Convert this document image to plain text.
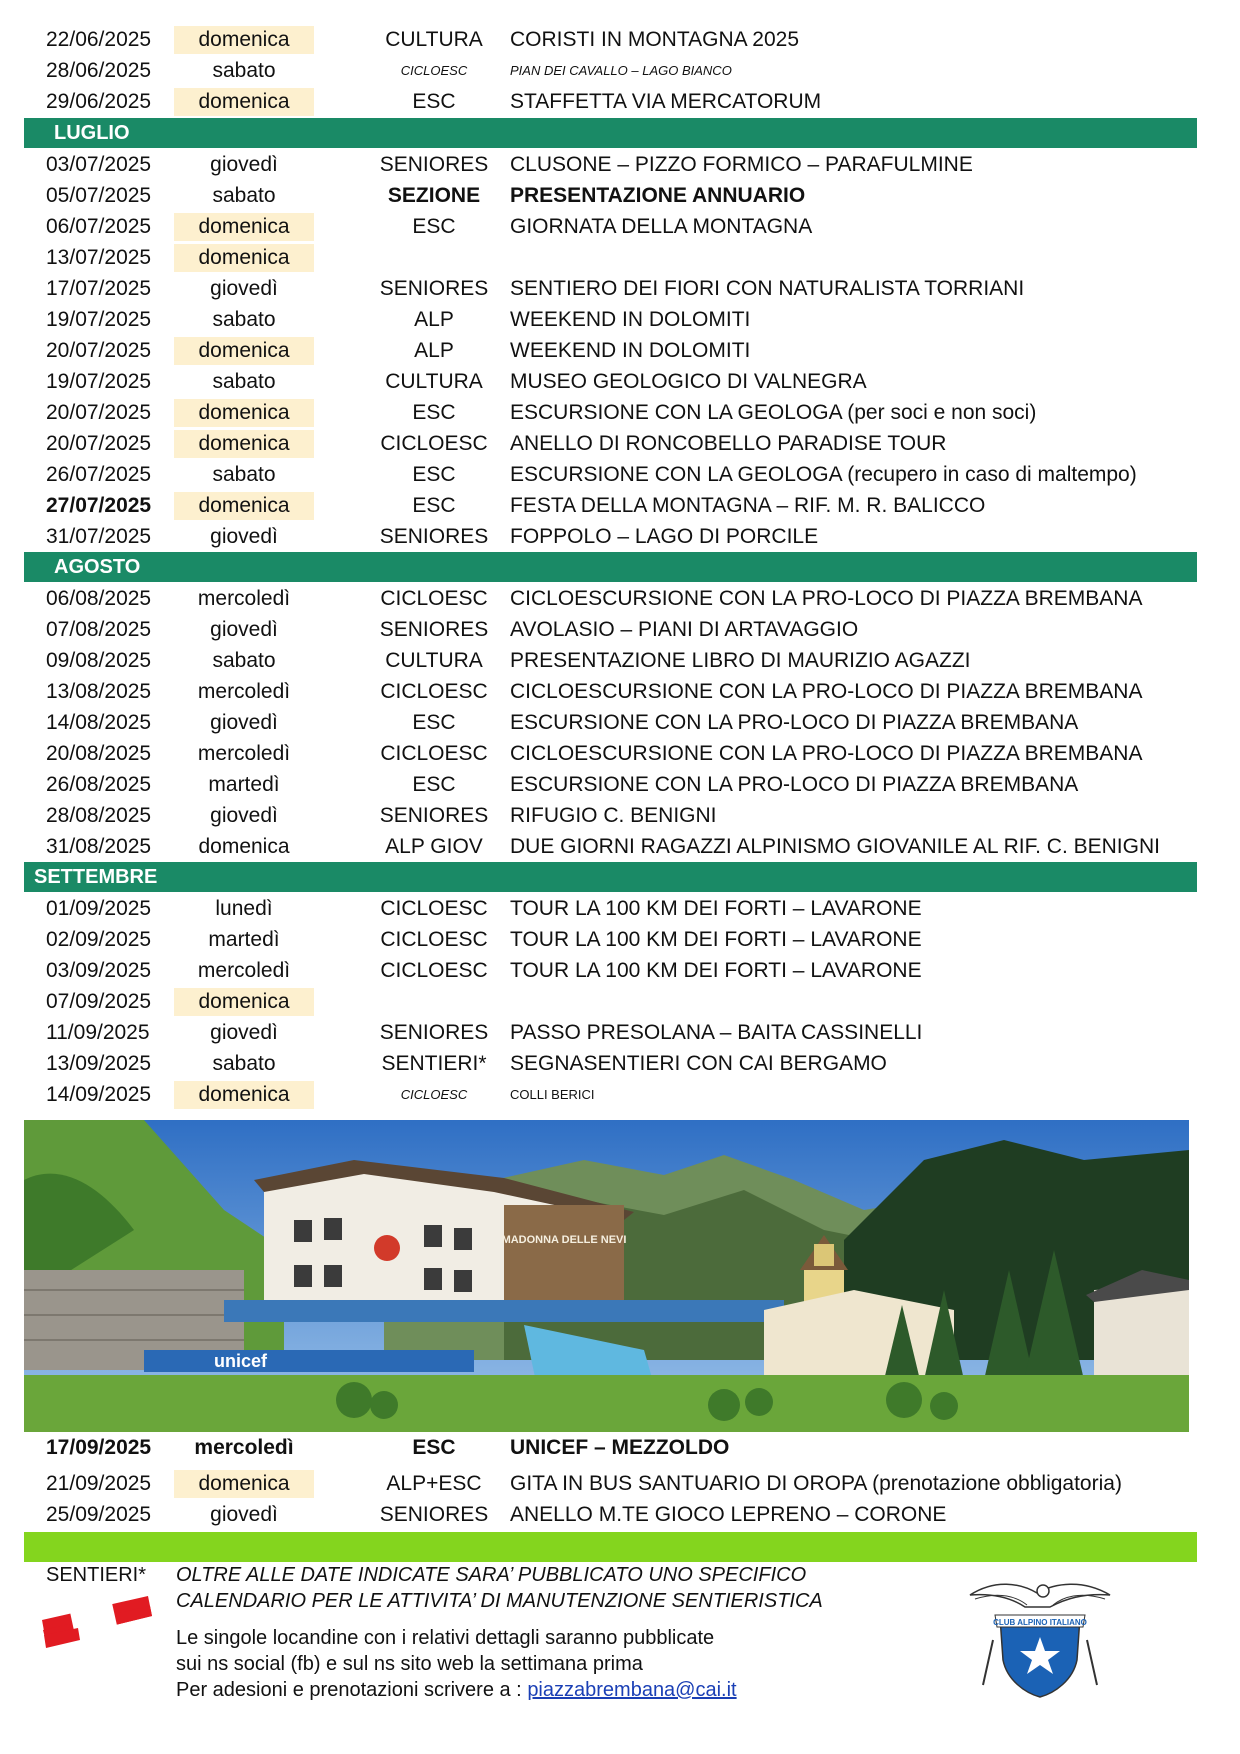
22/06/2025	domenica	CULTURA	CORISTI IN MONTAGNA 2025
28/06/2025	sabato	CICLOESC	PIAN DEI CAVALLO – LAGO BIANCO
29/06/2025	domenica	ESC	STAFFETTA VIA MERCATORUM
LUGLIO
03/07/2025	giovedì	SENIORES	CLUSONE – PIZZO FORMICO – PARAFULMINE
05/07/2025	sabato	SEZIONE	PRESENTAZIONE ANNUARIO
06/07/2025	domenica	ESC	GIORNATA DELLA MONTAGNA
13/07/2025	domenica
17/07/2025	giovedì	SENIORES	SENTIERO DEI FIORI CON NATURALISTA TORRIANI
19/07/2025	sabato	ALP	WEEKEND IN DOLOMITI
20/07/2025	domenica	ALP	WEEKEND IN DOLOMITI
19/07/2025	sabato	CULTURA	MUSEO GEOLOGICO DI VALNEGRA
20/07/2025	domenica	ESC	ESCURSIONE CON LA GEOLOGA (per soci e non soci)
20/07/2025	domenica	CICLOESC	ANELLO DI RONCOBELLO PARADISE TOUR
26/07/2025	sabato	ESC	ESCURSIONE CON LA GEOLOGA (recupero in caso di maltempo)
27/07/2025	domenica	ESC	FESTA DELLA MONTAGNA – RIF. M. R. BALICCO
31/07/2025	giovedì	SENIORES	FOPPOLO – LAGO DI PORCILE
AGOSTO
06/08/2025	mercoledì	CICLOESC	CICLOESCURSIONE CON LA PRO-LOCO DI PIAZZA BREMBANA
07/08/2025	giovedì	SENIORES	AVOLASIO – PIANI DI ARTAVAGGIO
09/08/2025	sabato	CULTURA	PRESENTAZIONE LIBRO DI MAURIZIO AGAZZI
13/08/2025	mercoledì	CICLOESC	CICLOESCURSIONE CON LA PRO-LOCO DI PIAZZA BREMBANA
14/08/2025	giovedì	ESC	ESCURSIONE CON LA PRO-LOCO DI PIAZZA BREMBANA
20/08/2025	mercoledì	CICLOESC	CICLOESCURSIONE CON LA PRO-LOCO DI PIAZZA BREMBANA
26/08/2025	martedì	ESC	ESCURSIONE CON LA PRO-LOCO DI PIAZZA BREMBANA
28/08/2025	giovedì	SENIORES	RIFUGIO C. BENIGNI
31/08/2025	domenica	ALP GIOV	DUE GIORNI RAGAZZI ALPINISMO GIOVANILE AL RIF. C. BENIGNI
SETTEMBRE
01/09/2025	lunedì	CICLOESC	TOUR LA 100 KM DEI FORTI – LAVARONE
02/09/2025	martedì	CICLOESC	TOUR LA 100 KM DEI FORTI – LAVARONE
03/09/2025	mercoledì	CICLOESC	TOUR LA 100 KM DEI FORTI – LAVARONE
07/09/2025	domenica
11/09/2025	giovedì	SENIORES	PASSO PRESOLANA – BAITA CASSINELLI
13/09/2025	sabato	SENTIERI*	SEGNASENTIERI CON CAI BERGAMO
14/09/2025	domenica	CICLOESC	COLLI BERICI
MADONNA DELLE NEVI
unicef
17/09/2025	mercoledì	ESC	UNICEF – MEZZOLDO
21/09/2025	domenica	ALP+ESC	GITA IN BUS SANTUARIO DI OROPA (prenotazione obbligatoria)
25/09/2025	giovedì	SENIORES	ANELLO M.TE GIOCO LEPRENO – CORONE
SENTIERI* OLTRE ALLE DATE INDICATE SARA’ PUBBLICATO UNO SPECIFICO
CALENDARIO PER LE ATTIVITA’ DI MANUTENZIONE SENTIERISTICA
Le singole locandine con i relativi dettagli saranno pubblicate
sui ns social (fb) e sul ns sito web la settimana prima
Per adesioni e prenotazioni scrivere a : piazzabrembana@cai.it
CLUB ALPINO ITALIANO
